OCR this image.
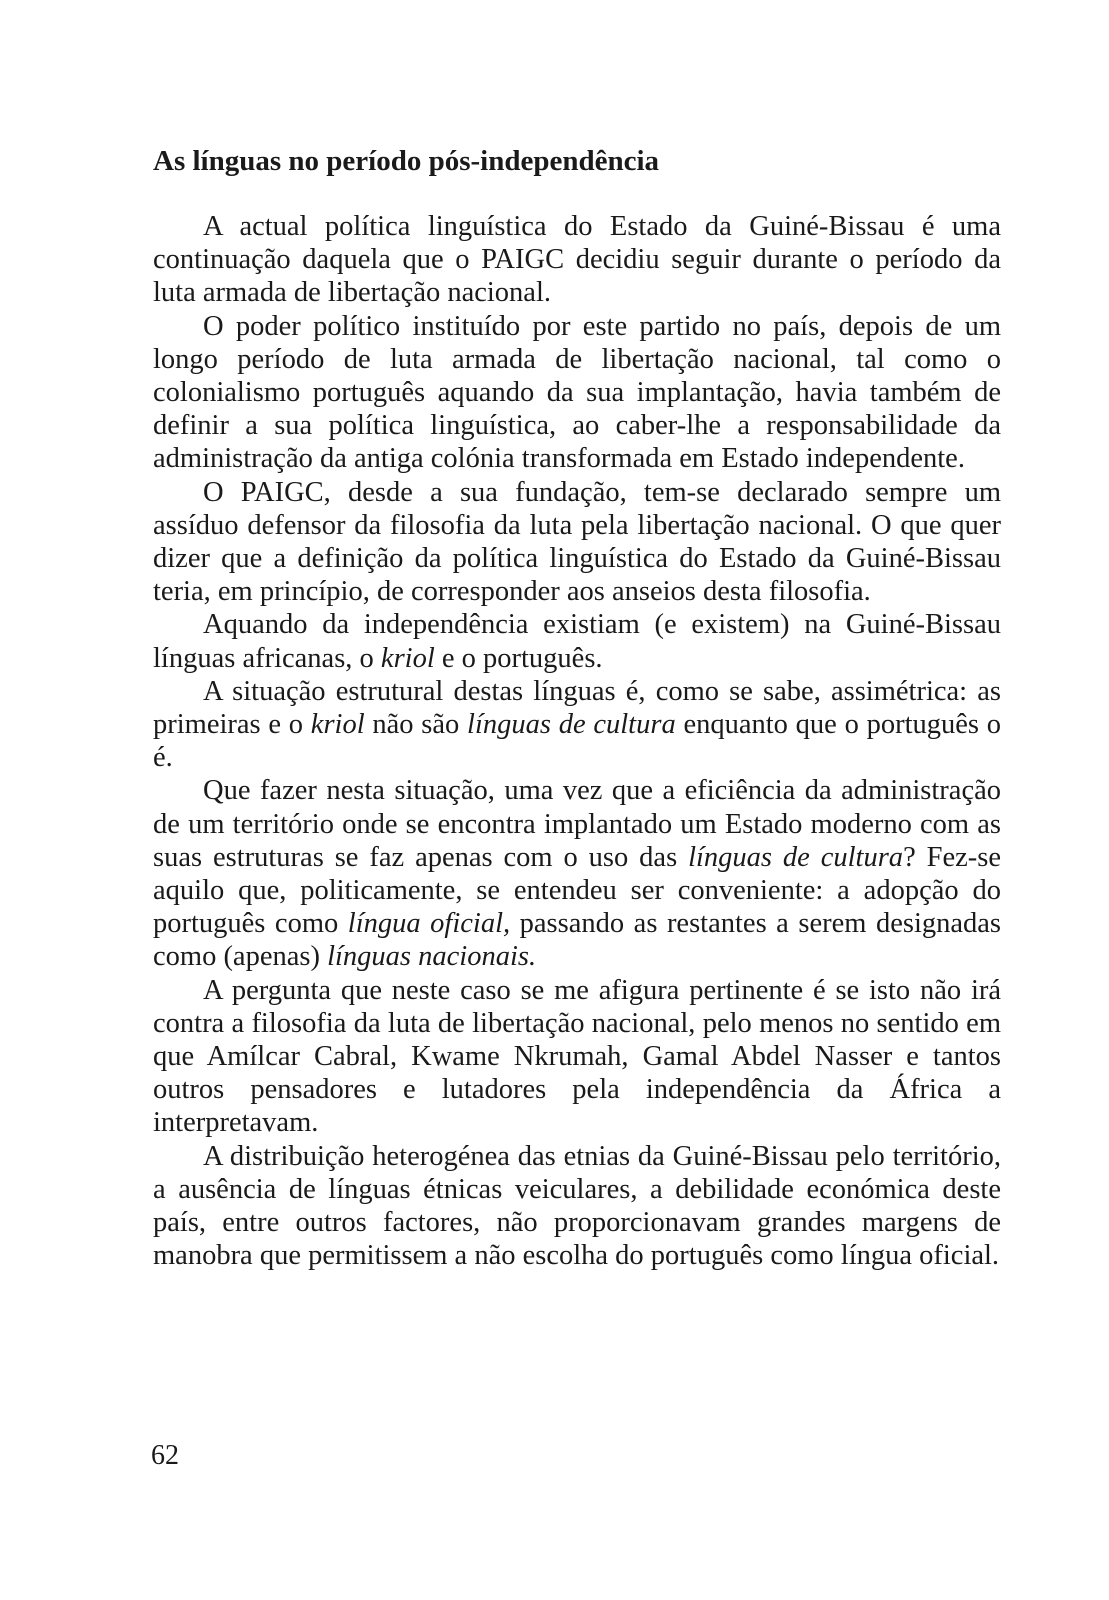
As línguas no período pós-independência

A actual política linguística do Estado da Guiné-Bissau é uma continuação daquela que o PAIGC decidiu seguir durante o período da luta armada de libertação nacional.

O poder político instituído por este partido no país, depois de um longo período de luta armada de libertação nacional, tal como o colonialismo português aquando da sua implantação, havia também de definir a sua política linguística, ao caber-lhe a responsabilidade da administração da antiga colónia transformada em Estado independente.

O PAIGC, desde a sua fundação, tem-se declarado sempre um assíduo defensor da filosofia da luta pela libertação nacional. O que quer dizer que a definição da política linguística do Estado da Guiné-Bissau teria, em princípio, de corresponder aos anseios desta filosofia.

Aquando da independência existiam (e existem) na Guiné-Bissau línguas africanas, o kriol e o português.

A situação estrutural destas línguas é, como se sabe, assimétrica: as primeiras e o kriol não são línguas de cultura enquanto que o português o é.

Que fazer nesta situação, uma vez que a eficiência da administração de um território onde se encontra implantado um Estado moderno com as suas estruturas se faz apenas com o uso das línguas de cultura? Fez-se aquilo que, politicamente, se entendeu ser conveniente: a adopção do português como língua oficial, passando as restantes a serem designadas como (apenas) línguas nacionais.

A pergunta que neste caso se me afigura pertinente é se isto não irá contra a filosofia da luta de libertação nacional, pelo menos no sentido em que Amílcar Cabral, Kwame Nkrumah, Gamal Abdel Nasser e tantos outros pensadores e lutadores pela independência da África a interpretavam.

A distribuição heterogénea das etnias da Guiné-Bissau pelo território, a ausência de línguas étnicas veiculares, a debilidade económica deste país, entre outros factores, não proporcionavam grandes margens de manobra que permitissem a não escolha do português como língua oficial.

62
